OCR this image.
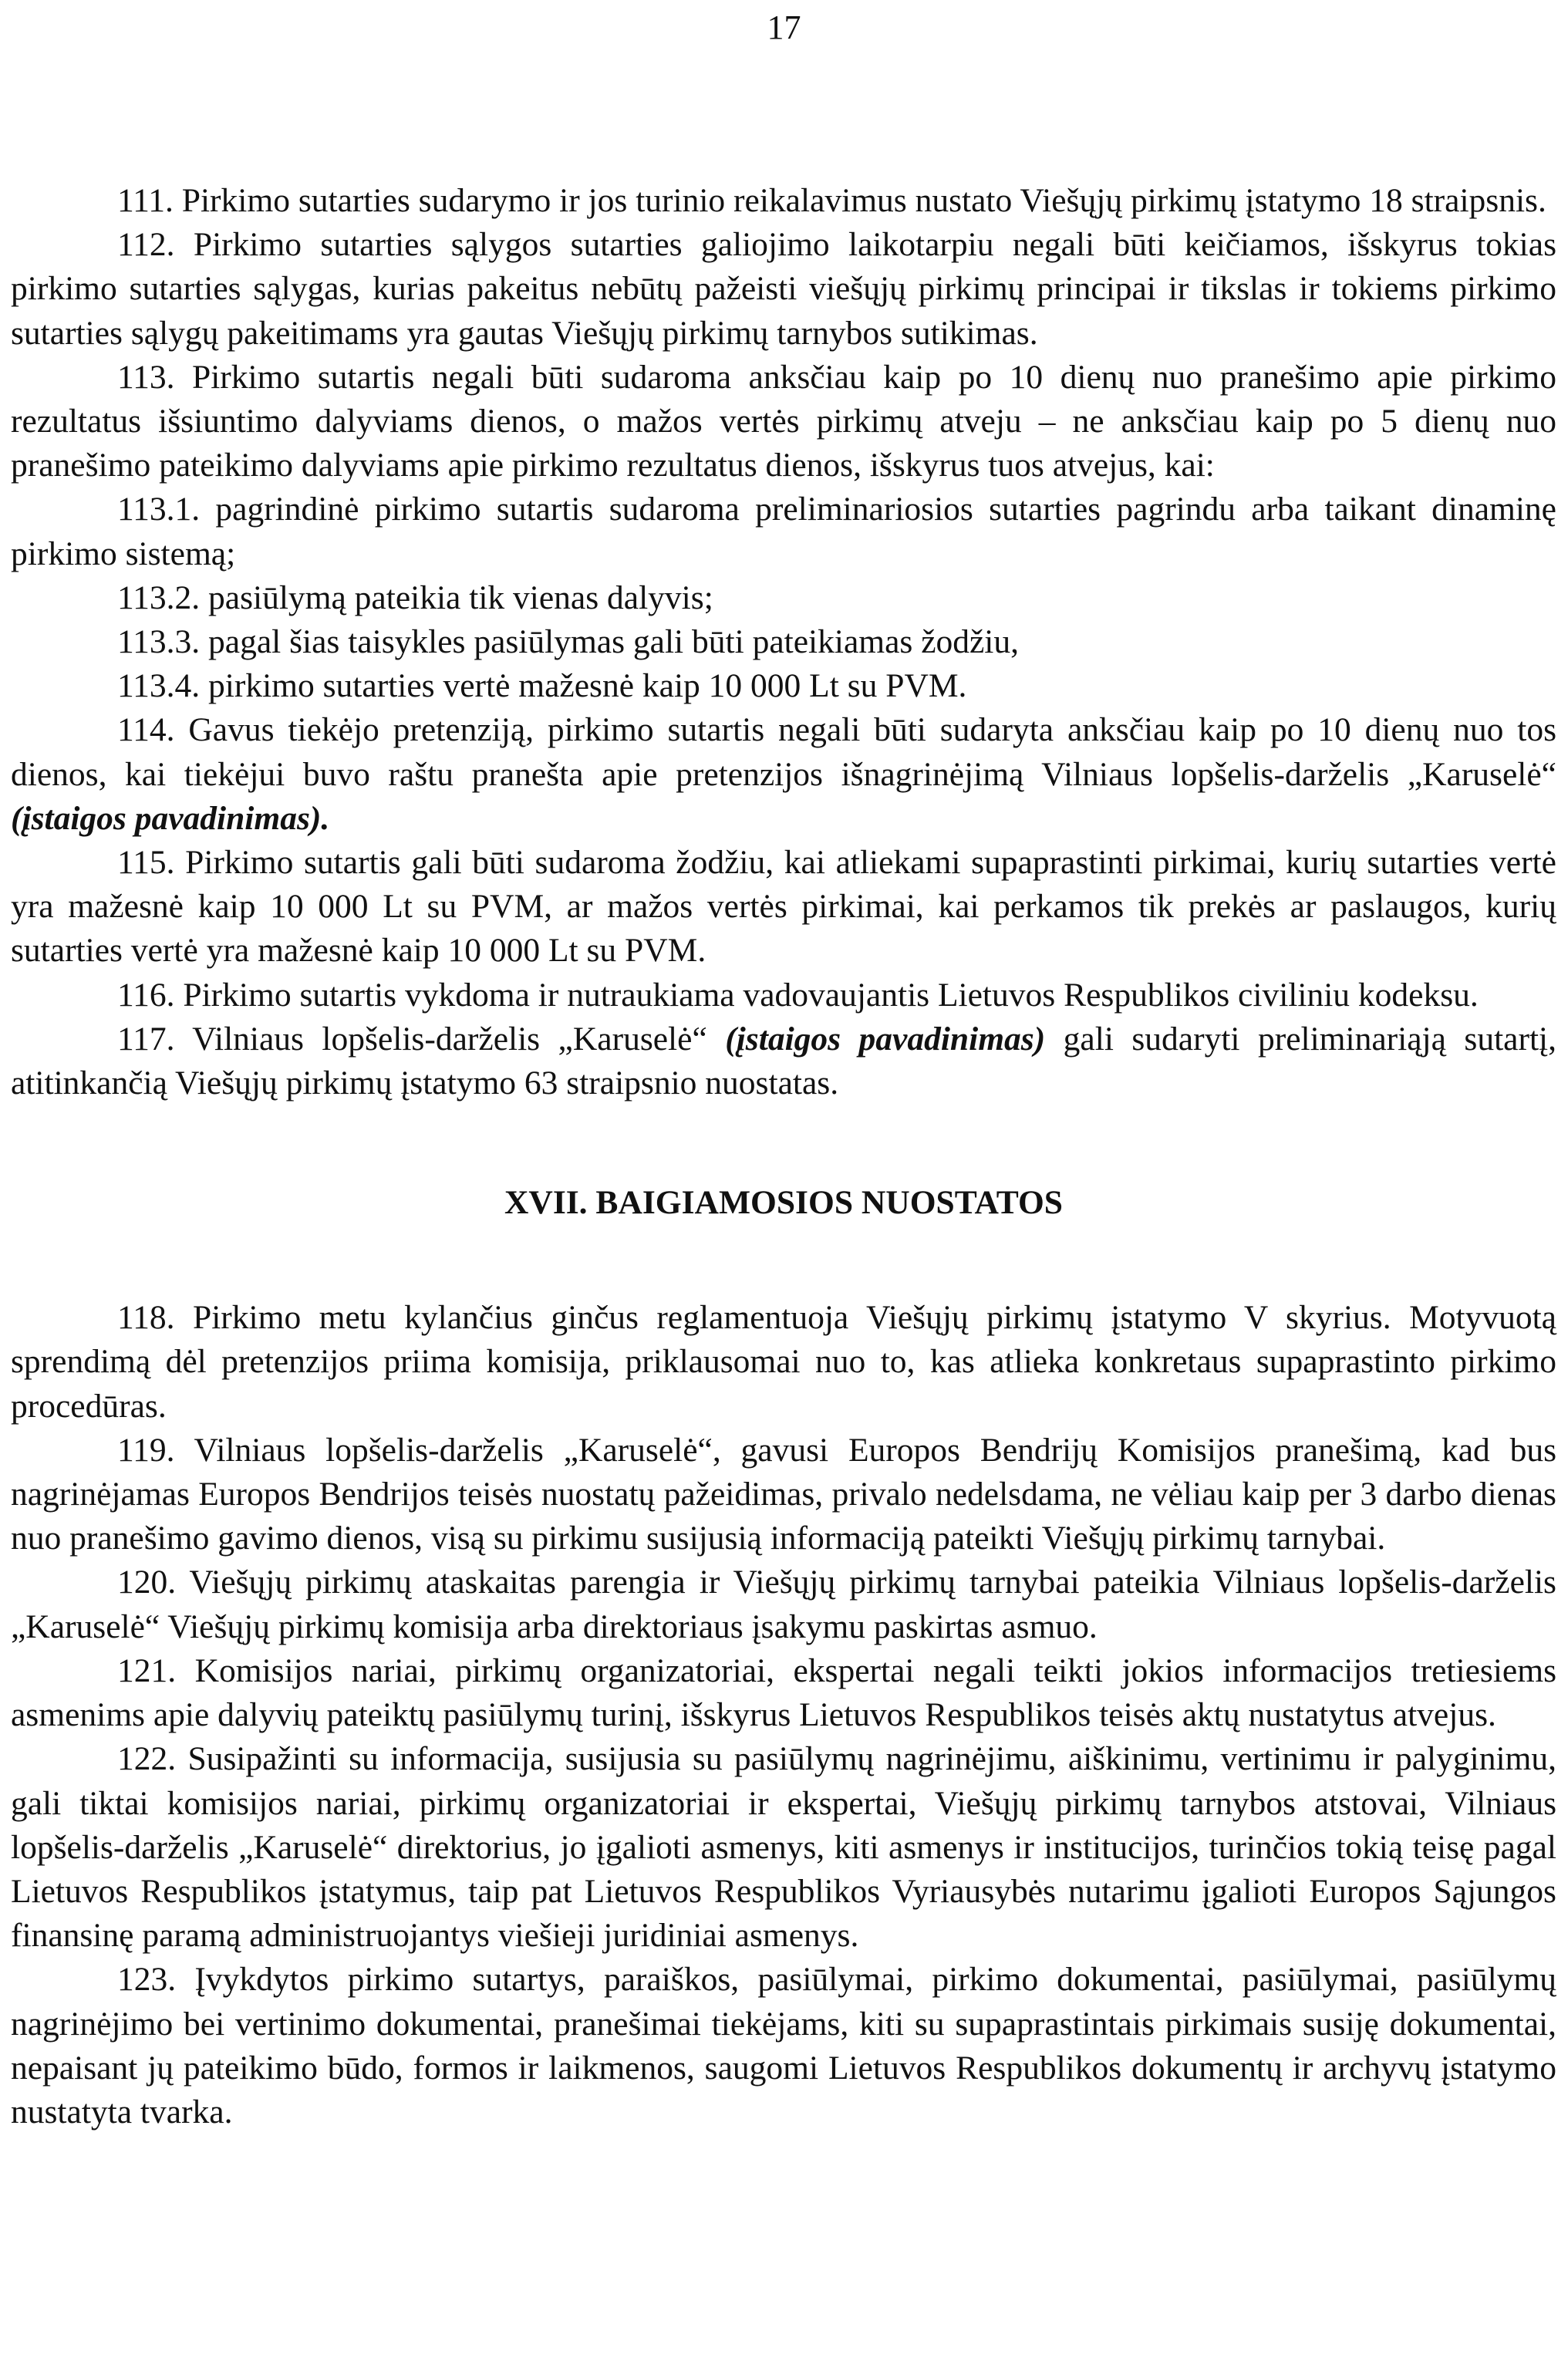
17

111. Pirkimo sutarties sudarymo ir jos turinio reikalavimus nustato Viešųjų pirkimų įstatymo 18 straipsnis.

112. Pirkimo sutarties sąlygos sutarties galiojimo laikotarpiu negali būti keičiamos, išskyrus tokias pirkimo sutarties sąlygas, kurias pakeitus nebūtų pažeisti viešųjų pirkimų principai ir tikslas ir tokiems pirkimo sutarties sąlygų pakeitimams yra gautas Viešųjų pirkimų tarnybos sutikimas.

113. Pirkimo sutartis negali būti sudaroma anksčiau kaip po 10 dienų nuo pranešimo apie pirkimo rezultatus išsiuntimo dalyviams dienos, o mažos vertės pirkimų atveju – ne anksčiau kaip po 5 dienų nuo pranešimo pateikimo dalyviams apie pirkimo rezultatus dienos, išskyrus tuos atvejus, kai:

113.1. pagrindinė pirkimo sutartis sudaroma preliminariosios sutarties pagrindu arba taikant dinaminę pirkimo sistemą;

113.2. pasiūlymą pateikia tik vienas dalyvis;

113.3. pagal šias taisykles pasiūlymas gali būti pateikiamas žodžiu,

113.4. pirkimo sutarties vertė mažesnė kaip 10 000 Lt su PVM.

114. Gavus tiekėjo pretenziją, pirkimo sutartis negali būti sudaryta anksčiau kaip po 10 dienų nuo tos dienos, kai tiekėjui buvo raštu pranešta apie pretenzijos išnagrinėjimą Vilniaus lopšelis-darželis „Karuselė“ (įstaigos pavadinimas).

115. Pirkimo sutartis gali būti sudaroma žodžiu, kai atliekami supaprastinti pirkimai, kurių sutarties vertė yra mažesnė kaip 10 000 Lt su PVM, ar mažos vertės pirkimai, kai perkamos tik prekės ar paslaugos, kurių sutarties vertė yra mažesnė kaip 10 000 Lt su PVM.

116. Pirkimo sutartis vykdoma ir nutraukiama vadovaujantis Lietuvos Respublikos civiliniu kodeksu.

117. Vilniaus lopšelis-darželis „Karuselė“ (įstaigos pavadinimas) gali sudaryti preliminariąją sutartį, atitinkančią Viešųjų pirkimų įstatymo 63 straipsnio nuostatas.

XVII. BAIGIAMOSIOS NUOSTATOS

118. Pirkimo metu kylančius ginčus reglamentuoja Viešųjų pirkimų įstatymo V skyrius. Motyvuotą sprendimą dėl pretenzijos priima komisija, priklausomai nuo to, kas atlieka konkretaus supaprastinto pirkimo procedūras.

119. Vilniaus lopšelis-darželis „Karuselė“, gavusi Europos Bendrijų Komisijos pranešimą, kad bus nagrinėjamas Europos Bendrijos teisės nuostatų pažeidimas, privalo nedelsdama, ne vėliau kaip per 3 darbo dienas nuo pranešimo gavimo dienos, visą su pirkimu susijusią informaciją pateikti Viešųjų pirkimų tarnybai.

120. Viešųjų pirkimų ataskaitas parengia ir Viešųjų pirkimų tarnybai pateikia Vilniaus lopšelis-darželis „Karuselė“ Viešųjų pirkimų komisija arba direktoriaus įsakymu paskirtas asmuo.

121. Komisijos nariai, pirkimų organizatoriai, ekspertai negali teikti jokios informacijos tretiesiems asmenims apie dalyvių pateiktų pasiūlymų turinį, išskyrus Lietuvos Respublikos teisės aktų nustatytus atvejus.

122. Susipažinti su informacija, susijusia su pasiūlymų nagrinėjimu, aiškinimu, vertinimu ir palyginimu, gali tiktai komisijos nariai, pirkimų organizatoriai ir ekspertai, Viešųjų pirkimų tarnybos atstovai, Vilniaus lopšelis-darželis „Karuselė“ direktorius, jo įgalioti asmenys, kiti asmenys ir institucijos, turinčios tokią teisę pagal Lietuvos Respublikos įstatymus, taip pat Lietuvos Respublikos Vyriausybės nutarimu įgalioti Europos Sąjungos finansinę paramą administruojantys viešieji juridiniai asmenys.

123. Įvykdytos pirkimo sutartys, paraiškos, pasiūlymai, pirkimo dokumentai, pasiūlymai, pasiūlymų nagrinėjimo bei vertinimo dokumentai, pranešimai tiekėjams, kiti su supaprastintais pirkimais susiję dokumentai, nepaisant jų pateikimo būdo, formos ir laikmenos, saugomi Lietuvos Respublikos dokumentų ir archyvų įstatymo nustatyta tvarka.
